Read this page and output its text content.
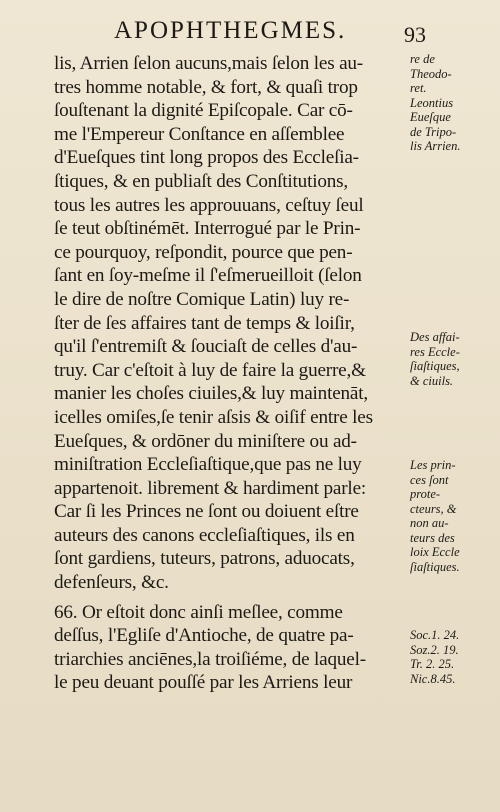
APOPHTHEGMES.	93
lis, Arrien ſelon aucuns,mais ſelon les au-
tres homme notable, & fort, & quaſi trop
ſouſtenant la dignité Epiſcopale. Car cō-
me l'Empereur Conſtance en aſſemblee
d'Eueſques tint long propos des Eccleſia-
ſtiques, & en publiaſt des Conſtitutions,
tous les autres les approuuans, ceſtuy ſeul
ſe teut obſtinémēt. Interrogué par le Prin-
ce pourquoy, reſpondit, pource que pen-
ſant en ſoy-meſme il ſ'eſmerueilloit (ſelon
le dire de noſtre Comique Latin) luy re-
ſter de ſes affaires tant de temps & loiſir,
qu'il ſ'entremiſt & ſouciaſt de celles d'au-
truy. Car c'eſtoit à luy de faire la guerre,&
manier les choſes ciuiles,& luy maintenāt,
icelles omiſes,ſe tenir aſsis & oiſif entre les
Eueſques, & ordōner du miniſtere ou ad-
miniſtration Eccleſiaſtique,que pas ne luy
appartenoit. librement & hardiment parle:
Car ſi les Princes ne ſont ou doiuent eſtre
auteurs des canons eccleſiaſtiques, ils en
ſont gardiens, tuteurs, patrons, aduocats,
defenſeurs, &c.
66. Or eſtoit donc ainſi meſlee, comme
deſſus, l'Egliſe d'Antioche, de quatre pa-
triarchies anciēnes,la troiſiéme, de laquel-
le peu deuant pouſſé par les Arriens leur
re de
Theodo-
ret.
Leontius
Eueſque
de Tripo-
lis Arrien.
Des affai-
res Eccle-
ſiaſtiques,
& ciuils.
Les prin-
ces ſont
prote-
cteurs, &
non au-
teurs des
loix Eccle
ſiaſtiques.
Soc.1. 24.
Soz.2. 19.
Tr. 2. 25.
Nic.8.45.
